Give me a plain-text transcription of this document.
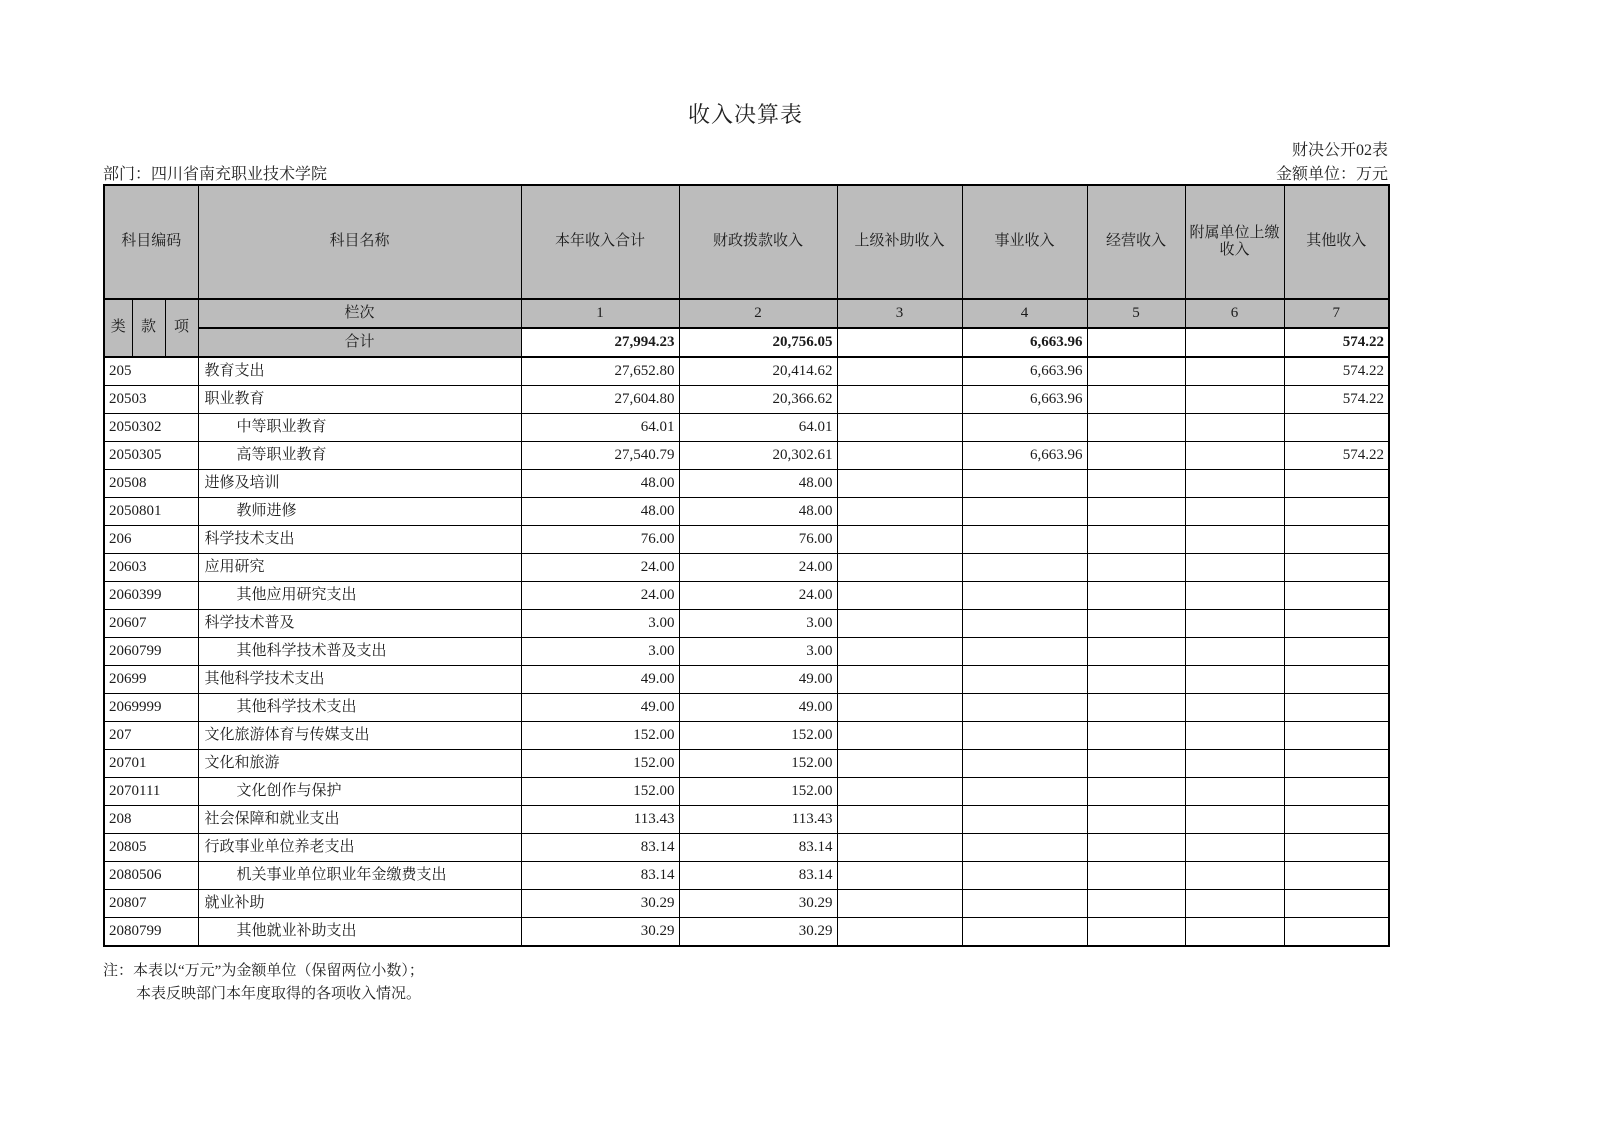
收入决算表
财决公开02表
部门：四川省南充职业技术学院	金额单位：万元
科目编码			科目名称	本年收入合计	财政拨款收入	上级补助收入	事业收入	经营收入	附属单位上缴收入	其他收入
类	款	项	栏次	1	2	3	4	5	6	7
			合计	27,994.23	20,756.05		6,663.96			574.22
205			教育支出	27,652.80	20,414.62		6,663.96			574.22
20503			职业教育	27,604.80	20,366.62		6,663.96			574.22
2050302			中等职业教育	64.01	64.01					
2050305			高等职业教育	27,540.79	20,302.61		6,663.96			574.22
20508			进修及培训	48.00	48.00					
2050801			教师进修	48.00	48.00					
206			科学技术支出	76.00	76.00					
20603			应用研究	24.00	24.00					
2060399			其他应用研究支出	24.00	24.00					
20607			科学技术普及	3.00	3.00					
2060799			其他科学技术普及支出	3.00	3.00					
20699			其他科学技术支出	49.00	49.00					
2069999			其他科学技术支出	49.00	49.00					
207			文化旅游体育与传媒支出	152.00	152.00					
20701			文化和旅游	152.00	152.00					
2070111			文化创作与保护	152.00	152.00					
208			社会保障和就业支出	113.43	113.43					
20805			行政事业单位养老支出	83.14	83.14					
2080506			机关事业单位职业年金缴费支出	83.14	83.14					
20807			就业补助	30.29	30.29					
2080799			其他就业补助支出	30.29	30.29					
注：本表以“万元”为金额单位（保留两位小数）；
本表反映部门本年度取得的各项收入情况。
